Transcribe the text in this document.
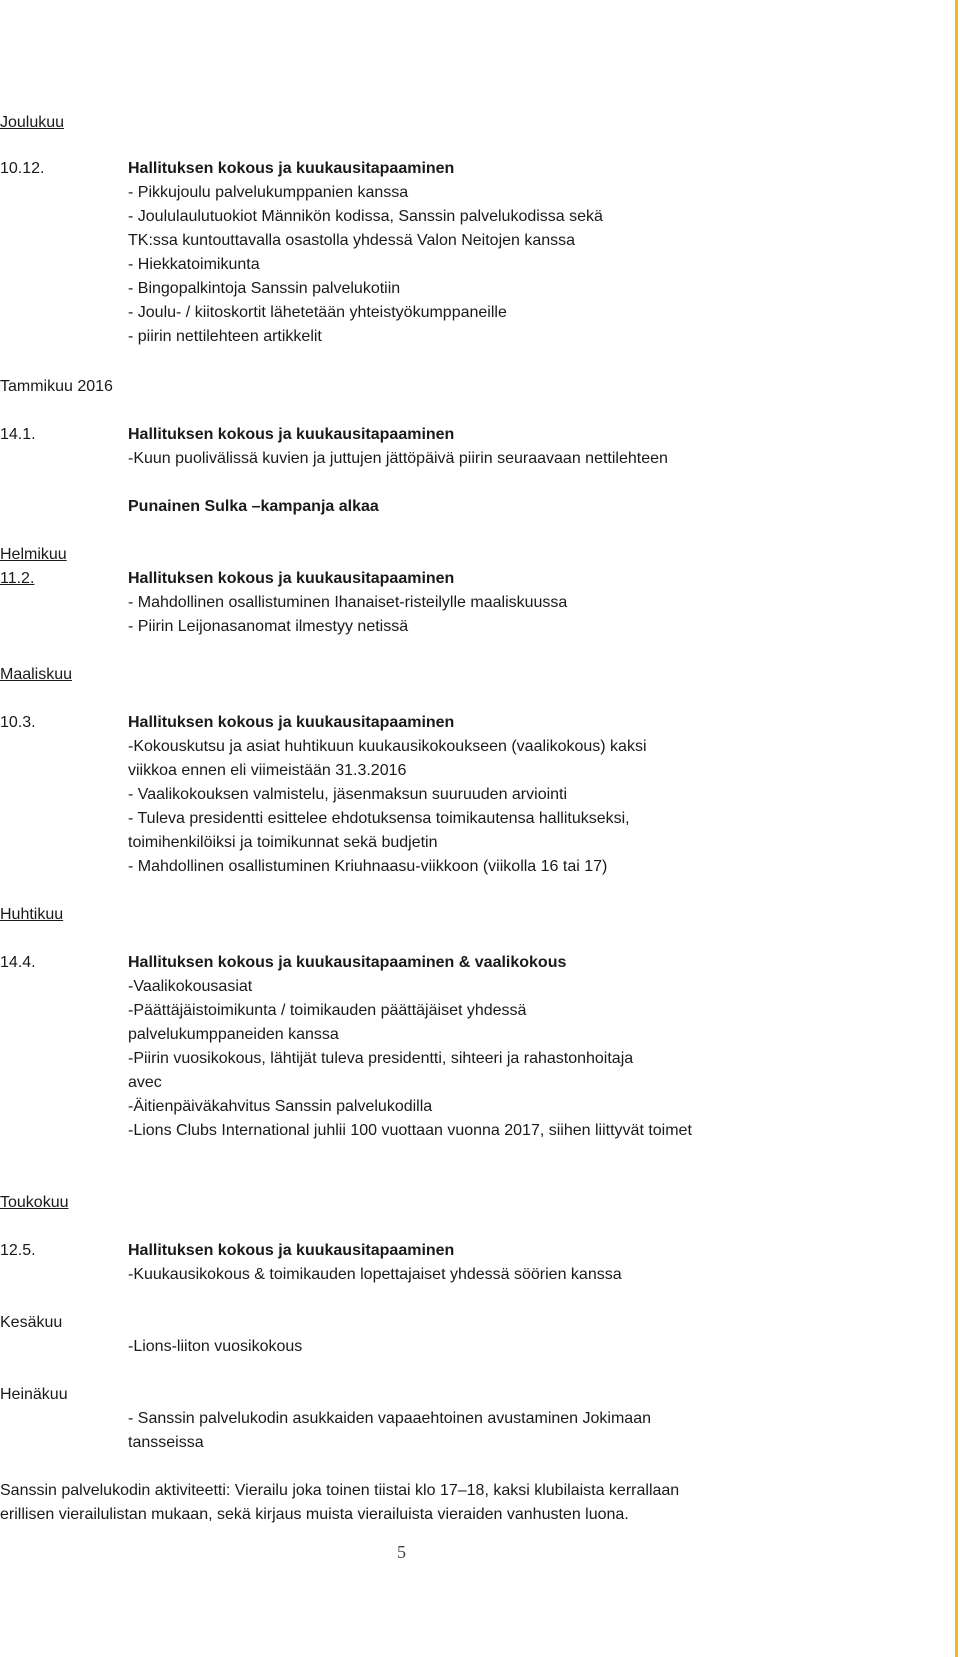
Joulukuu
10.12.	Hallituksen kokous ja kuukausitapaaminen
- Pikkujoulu palvelukumppanien kanssa
- Joululaulutuokiot Männikön kodissa, Sanssin palvelukodissa sekä
TK:ssa kuntouttavalla osastolla yhdessä Valon Neitojen kanssa
- Hiekkatoimikunta
- Bingopalkintoja Sanssin palvelukotiin
- Joulu- / kiitoskortit lähetetään yhteistyökumppaneille
- piirin nettilehteen artikkelit
Tammikuu 2016
14.1.	Hallituksen kokous ja kuukausitapaaminen
-Kuun puolivälissä kuvien ja juttujen jättöpäivä piirin seuraavaan nettilehteen
Punainen Sulka –kampanja alkaa
Helmikuu
11.2.	Hallituksen kokous ja kuukausitapaaminen
- Mahdollinen osallistuminen Ihanaiset-risteilylle maaliskuussa
- Piirin Leijonasanomat ilmestyy netissä
Maaliskuu
10.3.	Hallituksen kokous ja kuukausitapaaminen
-Kokouskutsu ja asiat huhtikuun kuukausikokoukseen (vaalikokous) kaksi
viikkoa ennen eli viimeistään 31.3.2016
- Vaalikokouksen valmistelu, jäsenmaksun suuruuden arviointi
- Tuleva presidentti esittelee ehdotuksensa toimikautensa hallitukseksi,
toimihenkilöiksi ja toimikunnat sekä budjetin
- Mahdollinen osallistuminen Kriuhnaasu-viikkoon (viikolla 16 tai 17)
Huhtikuu
14.4.	Hallituksen kokous ja kuukausitapaaminen & vaalikokous
-Vaalikokousasiat
-Päättäjäistoimikunta / toimikauden päättäjäiset yhdessä
palvelukumppaneiden kanssa
-Piirin vuosikokous, lähtijät tuleva presidentti, sihteeri ja rahastonhoitaja
avec
-Äitienpäiväkahvitus Sanssin palvelukodilla
-Lions Clubs International juhlii 100 vuottaan vuonna 2017, siihen liittyvät toimet
Toukokuu
12.5.	Hallituksen kokous ja kuukausitapaaminen
-Kuukausikokous & toimikauden lopettajaiset yhdessä söörien kanssa
Kesäkuu
-Lions-liiton vuosikokous
Heinäkuu
- Sanssin palvelukodin asukkaiden vapaaehtoinen avustaminen Jokimaan
tansseissa
Sanssin palvelukodin aktiviteetti: Vierailu joka toinen tiistai klo 17–18, kaksi klubilaista kerrallaan
erillisen vierailulistan mukaan, sekä kirjaus muista vierailuista vieraiden vanhusten luona.
5
